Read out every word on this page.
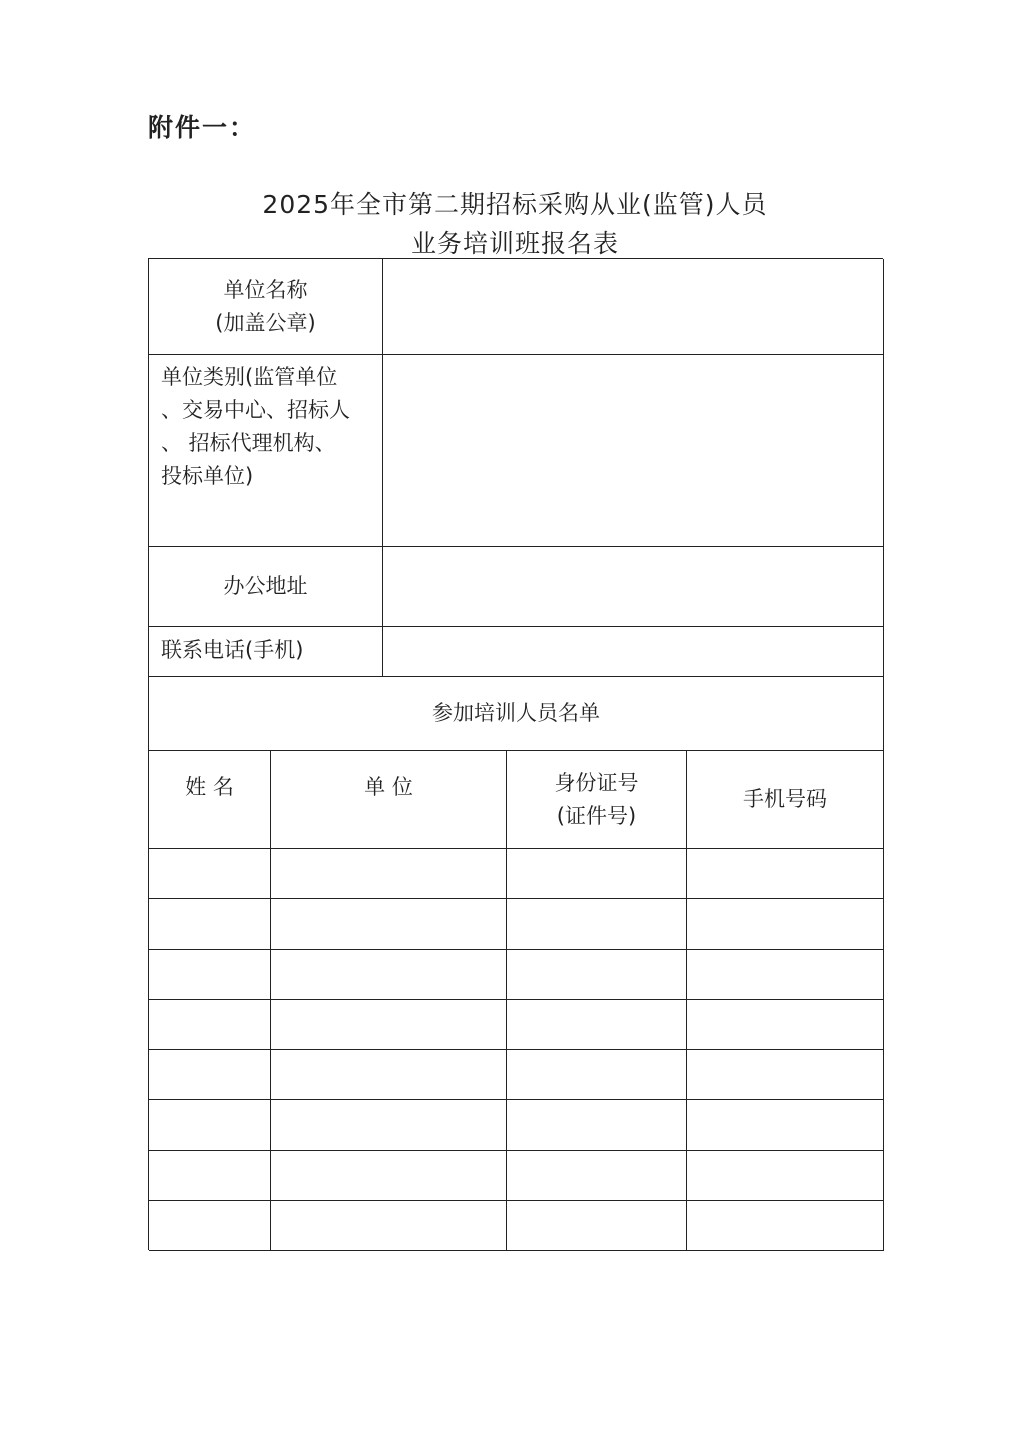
附件一：
2025年全市第二期招标采购从业(监管)人员
业务培训班报名表
单位名称
(加盖公章)
单位类别(监管单位
、交易中心、招标人
、 招标代理机构、
投标单位)
办公地址
联系电话(手机)
参加培训人员名单
姓 名	单 位	身份证号
(证件号)
手机号码
